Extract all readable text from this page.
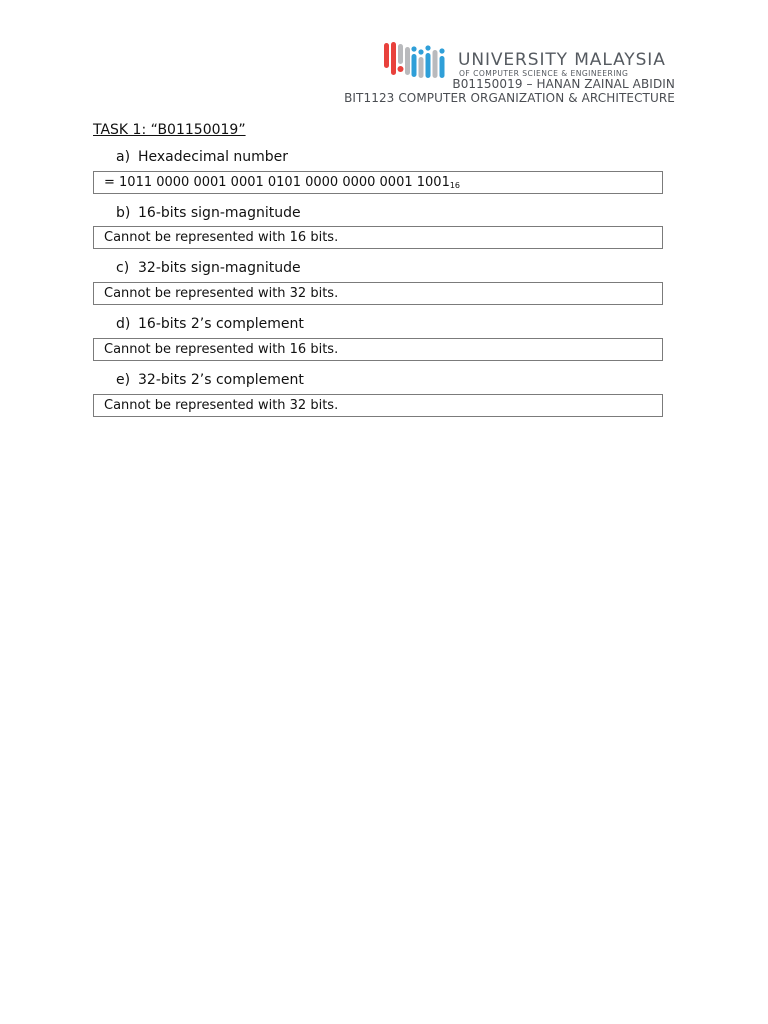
UNIVERSITY MALAYSIA
OF COMPUTER SCIENCE & ENGINEERING
B01150019 – HANAN ZAINAL ABIDIN
BIT1123 COMPUTER ORGANIZATION & ARCHITECTURE
TASK 1: “B01150019”
a) Hexadecimal number
= 1011 0000 0001 0001 0101 0000 0000 0001 $1001_{16}$
b) 16-bits sign-magnitude
Cannot be represented with 16 bits.
c) 32-bits sign-magnitude
Cannot be represented with 32 bits.
d) 16-bits 2’s complement
Cannot be represented with 16 bits.
e) 32-bits 2’s complement
Cannot be represented with 32 bits.
